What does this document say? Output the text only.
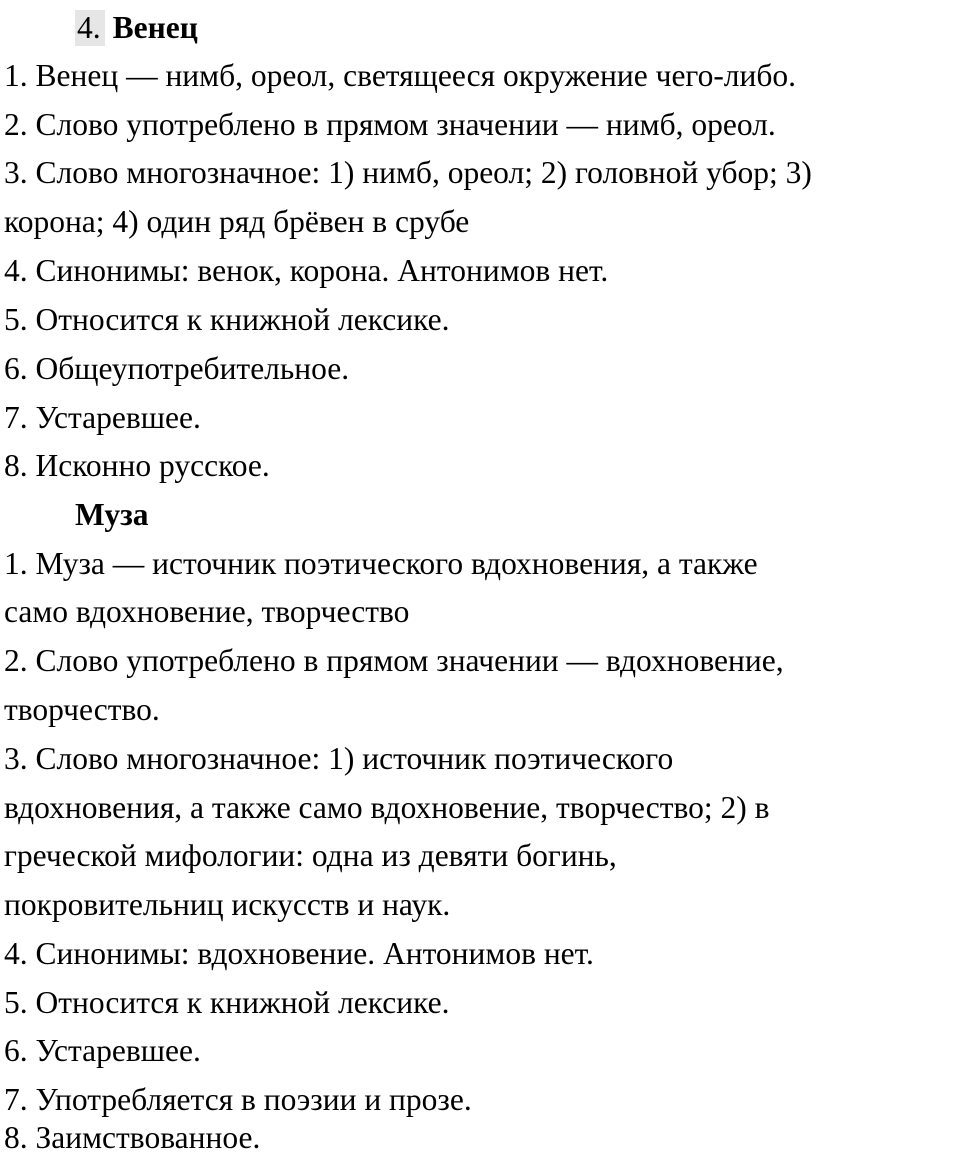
4. Венец
1. Венец — нимб, ореол, светящееся окружение чего-либо.
2. Слово употреблено в прямом значении — нимб, ореол.
3. Слово многозначное: 1) нимб, ореол; 2) головной убор; 3)
корона; 4) один ряд брёвен в срубе
4. Синонимы: венок, корона. Антонимов нет.
5. Относится к книжной лексике.
6. Общеупотребительное.
7. Устаревшее.
8. Исконно русское.
Муза
1. Муза — источник поэтического вдохновения, а также
само вдохновение, творчество
2. Слово употреблено в прямом значении — вдохновение,
творчество.
3. Слово многозначное: 1) источник поэтического
вдохновения, а также само вдохновение, творчество; 2) в
греческой мифологии: одна из девяти богинь,
покровительниц искусств и наук.
4. Синонимы: вдохновение. Антонимов нет.
5. Относится к книжной лексике.
6. Устаревшее.
7. Употребляется в поэзии и прозе.
8. Заимствованное.
